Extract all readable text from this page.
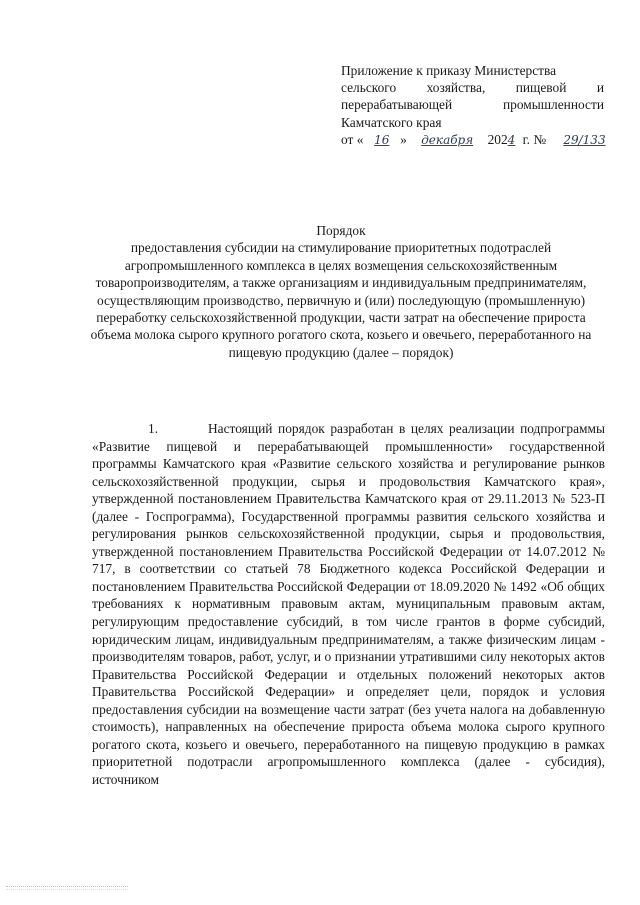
Приложение к приказу Министерства
сельского хозяйства, пищевой и
перерабатывающей	промышленности
Камчатского края
от « 16 » декабря 2024 г. № 29/133
Порядок
предоставления субсидии на стимулирование приоритетных подотраслей агропромышленного комплекса в целях возмещения сельскохозяйственным товаропроизводителям, а также организациям и индивидуальным предпринимателям, осуществляющим производство, первичную и (или) последующую (промышленную) переработку сельскохозяйственной продукции, части затрат на обеспечение прироста объема молока сырого крупного рогатого скота, козьего и овечьего, переработанного на пищевую продукцию (далее – порядок)
1.	Настоящий порядок разработан в целях реализации подпрограммы «Развитие пищевой и перерабатывающей промышленности» государственной программы Камчатского края «Развитие сельского хозяйства и регулирование рынков сельскохозяйственной продукции, сырья и продовольствия Камчатского края», утвержденной постановлением Правительства Камчатского края от 29.11.2013 № 523-П (далее - Госпрограмма), Государственной программы развития сельского хозяйства и регулирования рынков сельскохозяйственной продукции, сырья и продовольствия, утвержденной постановлением Правительства Российской Федерации от 14.07.2012 № 717, в соответствии со статьей 78 Бюджетного кодекса Российской Федерации и постановлением Правительства Российской Федерации от 18.09.2020 № 1492 «Об общих требованиях к нормативным правовым актам, муниципальным правовым актам, регулирующим предоставление субсидий, в том числе грантов в форме субсидий, юридическим лицам, индивидуальным предпринимателям, а также физическим лицам - производителям товаров, работ, услуг, и о признании утратившими силу некоторых актов Правительства Российской Федерации и отдельных положений некоторых актов Правительства Российской Федерации» и определяет цели, порядок и условия предоставления субсидии на возмещение части затрат (без учета налога на добавленную стоимость), направленных на обеспечение прироста объема молока сырого крупного рогатого скота, козьего и овечьего, переработанного на пищевую продукцию в рамках приоритетной подотрасли агропромышленного комплекса (далее - субсидия), источником
